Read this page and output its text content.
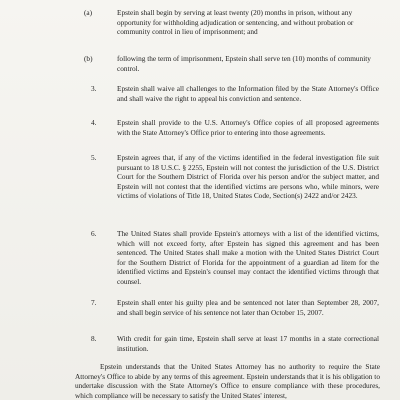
(a)	Epstein shall begin by serving at least twenty (20) months in prison, without any opportunity for withholding adjudication or sentencing, and without probation or community control in lieu of imprisonment; and
(b)	following the term of imprisonment, Epstein shall serve ten (10) months of community control.
3.	Epstein shall waive all challenges to the Information filed by the State Attorney's Office and shall waive the right to appeal his conviction and sentence.
4.	Epstein shall provide to the U.S. Attorney's Office copies of all proposed agreements with the State Attorney's Office prior to entering into those agreements.
5.	Epstein agrees that, if any of the victims identified in the federal investigation file suit pursuant to 18 U.S.C. § 2255, Epstein will not contest the jurisdiction of the U.S. District Court for the Southern District of Florida over his person and/or the subject matter, and Epstein will not contest that the identified victims are persons who, while minors, were victims of violations of Title 18, United States Code, Section(s) 2422 and/or 2423.
6.	The United States shall provide Epstein's attorneys with a list of the identified victims, which will not exceed forty, after Epstein has signed this agreement and has been sentenced. The United States shall make a motion with the United States District Court for the Southern District of Florida for the appointment of a guardian ad litem for the identified victims and Epstein's counsel may contact the identified victims through that counsel.
7.	Epstein shall enter his guilty plea and be sentenced not later than September 28, 2007, and shall begin service of his sentence not later than October 15, 2007.
8.	With credit for gain time, Epstein shall serve at least 17 months in a state correctional institution.
Epstein understands that the United States Attorney has no authority to require the State Attorney's Office to abide by any terms of this agreement. Epstein understands that it is his obligation to undertake discussion with the State Attorney's Office to ensure compliance with these procedures, which compliance will be necessary to satisfy the United States' interest,
